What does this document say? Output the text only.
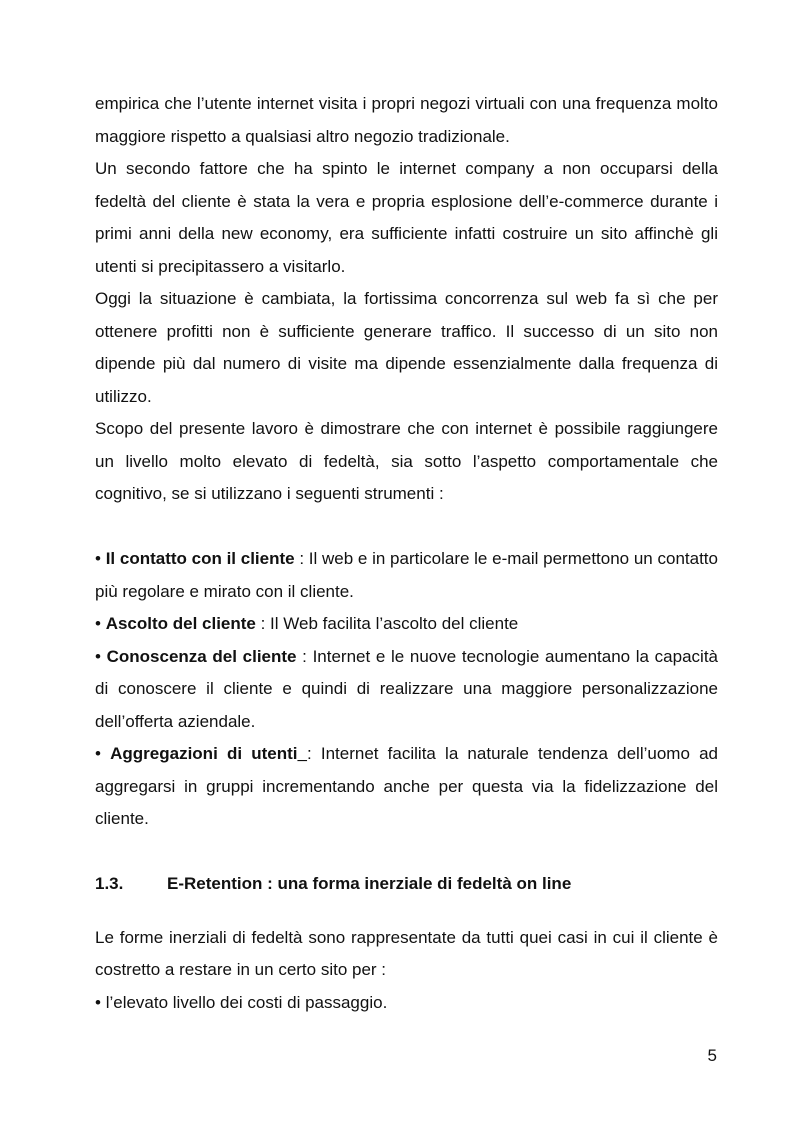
empirica che l’utente internet visita i propri negozi virtuali con una frequenza molto maggiore rispetto a qualsiasi altro negozio tradizionale.

Un secondo fattore che ha spinto le internet company a non occuparsi della fedeltà del cliente è stata la vera e propria esplosione dell’e-commerce durante i primi anni della new economy, era sufficiente infatti costruire un sito affinchè gli utenti si precipitassero a visitarlo.

Oggi la situazione è cambiata, la fortissima concorrenza sul web fa sì che per ottenere profitti non è sufficiente generare traffico. Il successo di un sito non dipende più dal numero di visite ma dipende essenzialmente dalla frequenza di utilizzo.

Scopo del presente lavoro è dimostrare che con internet è possibile raggiungere un livello molto elevato di fedeltà, sia sotto l’aspetto comportamentale che cognitivo, se si utilizzano i seguenti strumenti :

• Il contatto con il cliente : Il web e in particolare le e-mail permettono un contatto più regolare e mirato con il cliente.

• Ascolto del cliente : Il Web facilita l’ascolto del cliente

• Conoscenza del cliente : Internet e le nuove tecnologie aumentano la capacità di conoscere il cliente e quindi di realizzare una maggiore personalizzazione dell’offerta aziendale.

• Aggregazioni di utenti_: Internet facilita la naturale tendenza dell’uomo ad aggregarsi in gruppi incrementando anche per questa via la fidelizzazione del cliente.

1.3.	E-Retention : una forma inerziale di fedeltà on line

Le forme inerziali di fedeltà sono rappresentate da tutti quei casi in cui il cliente è costretto a restare in un certo sito per :

• l’elevato livello dei costi di passaggio.

5
